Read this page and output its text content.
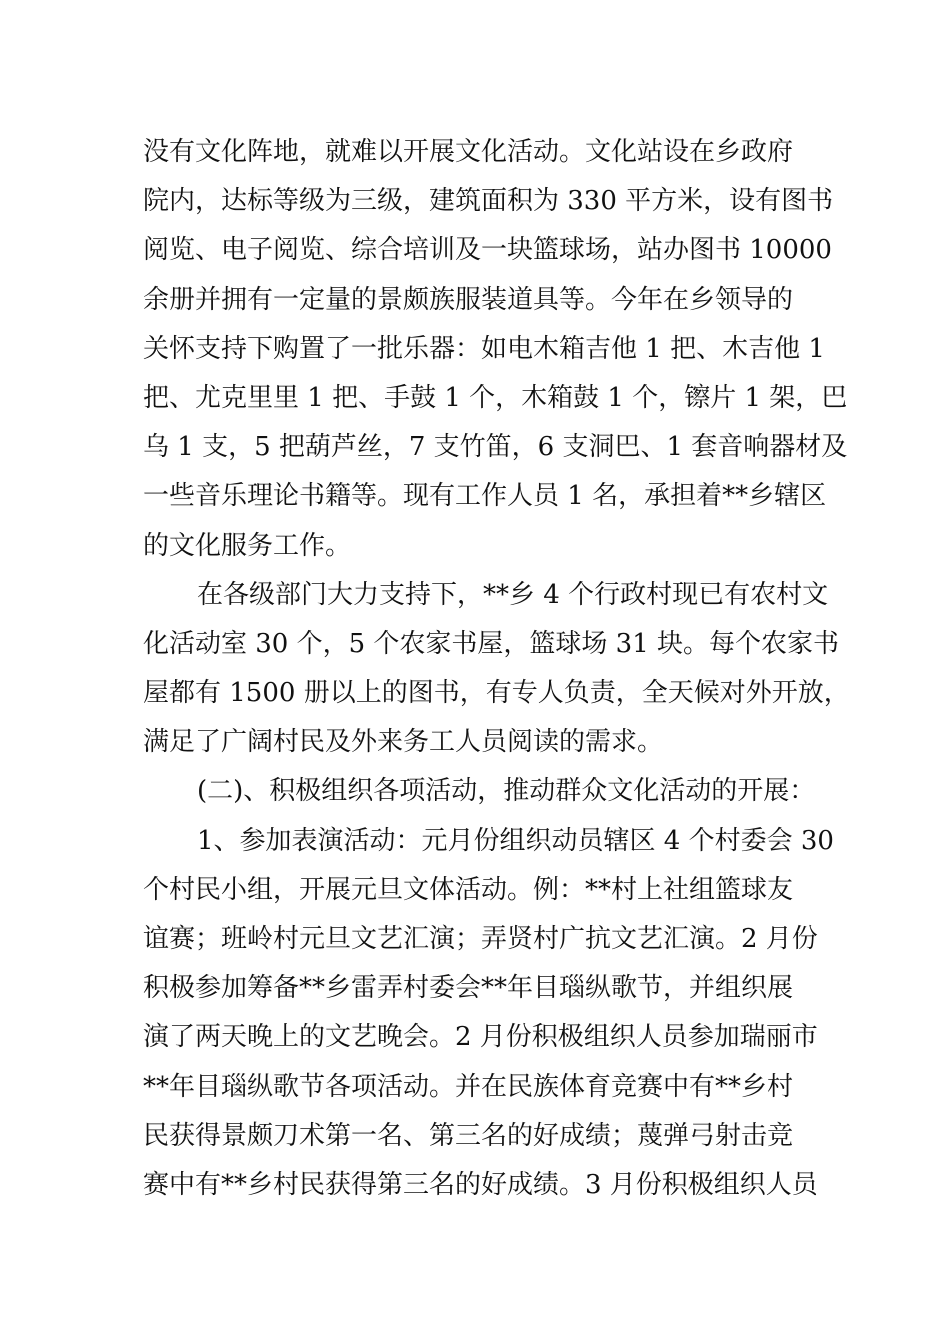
没有文化阵地，就难以开展文化活动。文化站设在乡政府
院内，达标等级为三级，建筑面积为 330 平方米，设有图书
阅览、电子阅览、综合培训及一块篮球场，站办图书 10000
余册并拥有一定量的景颇族服装道具等。今年在乡领导的
关怀支持下购置了一批乐器：如电木箱吉他 1 把、木吉他 1
把、尤克里里 1 把、手鼓 1 个，木箱鼓 1 个，镲片 1 架，巴
乌 1 支，5 把葫芦丝，7 支竹笛，6 支洞巴、1 套音响器材及
一些音乐理论书籍等。现有工作人员 1 名，承担着**乡辖区
的文化服务工作。
在各级部门大力支持下，**乡 4 个行政村现已有农村文
化活动室 30 个，5 个农家书屋，篮球场 31 块。每个农家书
屋都有 1500 册以上的图书，有专人负责，全天候对外开放，
满足了广阔村民及外来务工人员阅读的需求。
(二)、积极组织各项活动，推动群众文化活动的开展：
1、参加表演活动：元月份组织动员辖区 4 个村委会 30
个村民小组，开展元旦文体活动。例：**村上社组篮球友
谊赛；班岭村元旦文艺汇演；弄贤村广抗文艺汇演。2 月份
积极参加筹备**乡雷弄村委会**年目瑙纵歌节，并组织展
演了两天晚上的文艺晚会。2 月份积极组织人员参加瑞丽市
**年目瑙纵歌节各项活动。并在民族体育竞赛中有**乡村
民获得景颇刀术第一名、第三名的好成绩；蔑弹弓射击竞
赛中有**乡村民获得第三名的好成绩。3 月份积极组织人员
